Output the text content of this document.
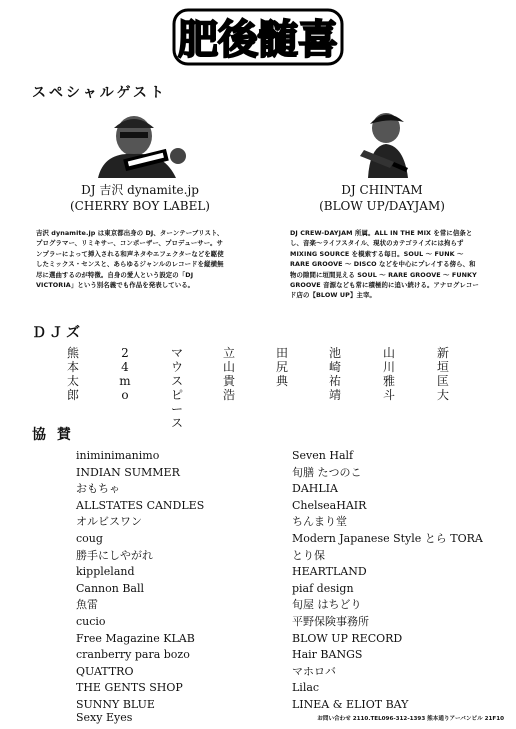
肥後髄喜
スペシャルゲスト
DJ 吉沢 dynamite.jp
(CHERRY BOY LABEL)
DJ CHINTAM
(BLOW UP/DAYJAM)
吉沢 dynamite.jp は東京都出身の DJ、ターンテーブリスト、プログラマー、リミキサー、コンポーザー、プロデューサー。サンプラーによって挿入される和声ネタやエフェクターなどを駆使したミックス・センスと、あらゆるジャンルのレコードを縦横無尽に選曲するのが特徴。自身の愛人という設定の「DJ VICTORIA」という別名義でも作品を発表している。
DJ CREW-DAYJAM 所属。ALL IN THE MIX を常に信条とし、音楽～ライフスタイル、現状のカテゴライズには拘らず MIXING SOURCE を模索する毎日。SOUL ～ FUNK ～ RARE GROOVE ～ DISCO などを中心にプレイする傍ら、和物の隙間に垣間見える SOUL ～ RARE GROOVE ～ FUNKY GROOVE 音源なども常に積極的に追い続ける。アナログレコード店の【BLOW UP】主宰。
ＤＪズ
熊本 太郎
24mo
マウスピース
立山 貴浩
田尻 典
池崎 祐靖
山川 雅斗
新垣 匡大
協 賛
iniminimanimo
INDIAN SUMMER
おもちゃ
ALLSTATES CANDLES
オルビスワン
coug
勝手にしやがれ
kippleland
Cannon Ball
魚雷
cucio
Free Magazine KLAB
cranberry para bozo
QUATTRO
THE GENTS SHOP
SUNNY BLUE
Sexy Eyes
Seven Half
旬膳 たつのこ
DAHLIA
ChelseaHAIR
ちんまり堂
Modern Japanese Style とら TORA
とり保
HEARTLAND
piaf design
旬屋 はちどり
平野保険事務所
BLOW UP RECORD
Hair BANGS
マホロバ
Lilac
LINEA & ELIOT BAY
お問い合わせ 2110.TEL096-312-1393 熊本通りアーバンビル 21F10
